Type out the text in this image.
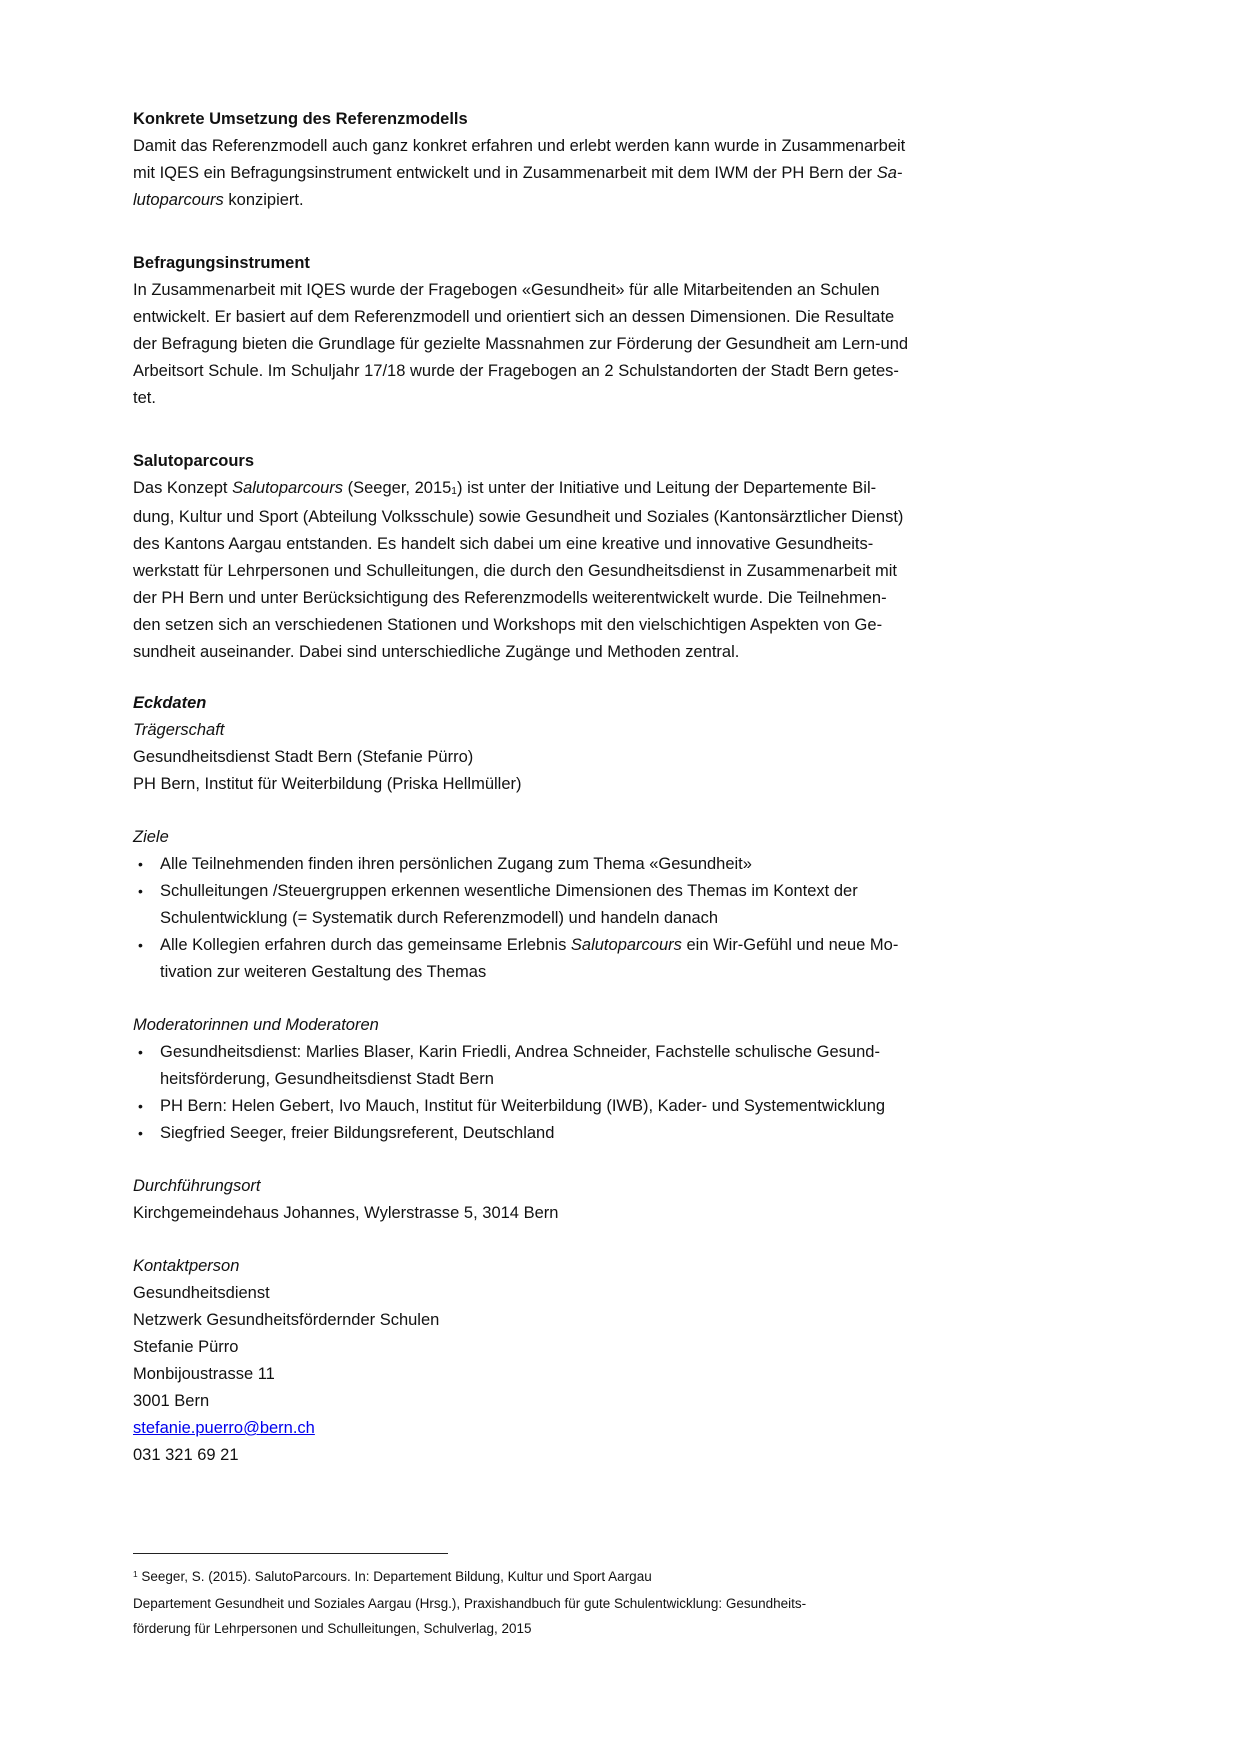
Konkrete Umsetzung des Referenzmodells

Damit das Referenzmodell auch ganz konkret erfahren und erlebt werden kann wurde in Zusammenarbeit
mit IQES ein Befragungsinstrument entwickelt und in Zusammenarbeit mit dem IWM der PH Bern der Sa-
lutoparcours konzipiert.

Befragungsinstrument

In Zusammenarbeit mit IQES wurde der Fragebogen «Gesundheit» für alle Mitarbeitenden an Schulen
entwickelt. Er basiert auf dem Referenzmodell und orientiert sich an dessen Dimensionen. Die Resultate
der Befragung bieten die Grundlage für gezielte Massnahmen zur Förderung der Gesundheit am Lern-und
Arbeitsort Schule. Im Schuljahr 17/18 wurde der Fragebogen an 2 Schulstandorten der Stadt Bern getes-
tet.

Salutoparcours

Das Konzept Salutoparcours (Seeger, 20151) ist unter der Initiative und Leitung der Departemente Bil-
dung, Kultur und Sport (Abteilung Volksschule) sowie Gesundheit und Soziales (Kantonsärztlicher Dienst)
des Kantons Aargau entstanden. Es handelt sich dabei um eine kreative und innovative Gesundheits-
werkstatt für Lehrpersonen und Schulleitungen, die durch den Gesundheitsdienst in Zusammenarbeit mit
der PH Bern und unter Berücksichtigung des Referenzmodells weiterentwickelt wurde. Die Teilnehmen-
den setzen sich an verschiedenen Stationen und Workshops mit den vielschichtigen Aspekten von Ge-
sundheit auseinander. Dabei sind unterschiedliche Zugänge und Methoden zentral.

Eckdaten

Trägerschaft

Gesundheitsdienst Stadt Bern (Stefanie Pürro)
PH Bern, Institut für Weiterbildung (Priska Hellmüller)

Ziele

•	Alle Teilnehmenden finden ihren persönlichen Zugang zum Thema «Gesundheit»
•	Schulleitungen /Steuergruppen erkennen wesentliche Dimensionen des Themas im Kontext der
Schulentwicklung (= Systematik durch Referenzmodell) und handeln danach
•	Alle Kollegien erfahren durch das gemeinsame Erlebnis Salutoparcours ein Wir-Gefühl und neue Mo-
tivation zur weiteren Gestaltung des Themas

Moderatorinnen und Moderatoren

•	Gesundheitsdienst: Marlies Blaser, Karin Friedli, Andrea Schneider, Fachstelle schulische Gesund-
heitsförderung, Gesundheitsdienst Stadt Bern
•	PH Bern: Helen Gebert, Ivo Mauch, Institut für Weiterbildung (IWB), Kader- und Systementwicklung
•	Siegfried Seeger, freier Bildungsreferent, Deutschland

Durchführungsort

Kirchgemeindehaus Johannes, Wylerstrasse 5, 3014 Bern

Kontaktperson

Gesundheitsdienst
Netzwerk Gesundheitsfördernder Schulen
Stefanie Pürro
Monbijoustrasse 11
3001 Bern
stefanie.puerro@bern.ch
031 321 69 21

$^1$ Seeger, S. (2015). SalutoParcours. In: Departement Bildung, Kultur und Sport Aargau
Departement Gesundheit und Soziales Aargau (Hrsg.), Praxishandbuch für gute Schulentwicklung: Gesundheits-
förderung für Lehrpersonen und Schulleitungen, Schulverlag, 2015
